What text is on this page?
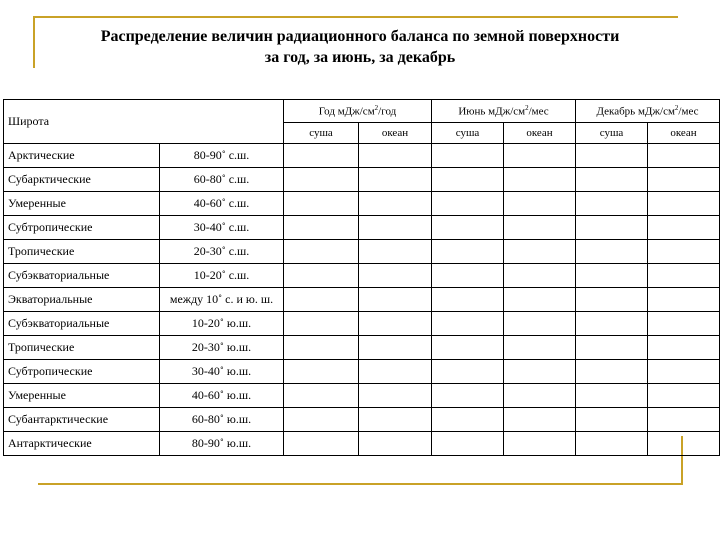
Распределение величин радиационного баланса по земной поверхности
за год, за июнь, за декабрь
Широта		Год мДж/$см^2$/год		Июнь мДж/$см^2$/мес		Декабрь мДж/$см^2$/мес	
		суша	океан	суша	океан	суша	океан
Арктические	80-90˚ с.ш.						
Субарктические	60-80˚ с.ш.						
Умеренные	40-60˚ с.ш.						
Субтропические	30-40˚ с.ш.						
Тропические	20-30˚ с.ш.						
Субэкваториальные	10-20˚ с.ш.						
Экваториальные	между 10˚ с. и ю. ш.						
Субэкваториальные	10-20˚ ю.ш.						
Тропические	20-30˚ ю.ш.						
Субтропические	30-40˚ ю.ш.						
Умеренные	40-60˚ ю.ш.						
Субантарктические	60-80˚ ю.ш.						
Антарктические	80-90˚ ю.ш.						
